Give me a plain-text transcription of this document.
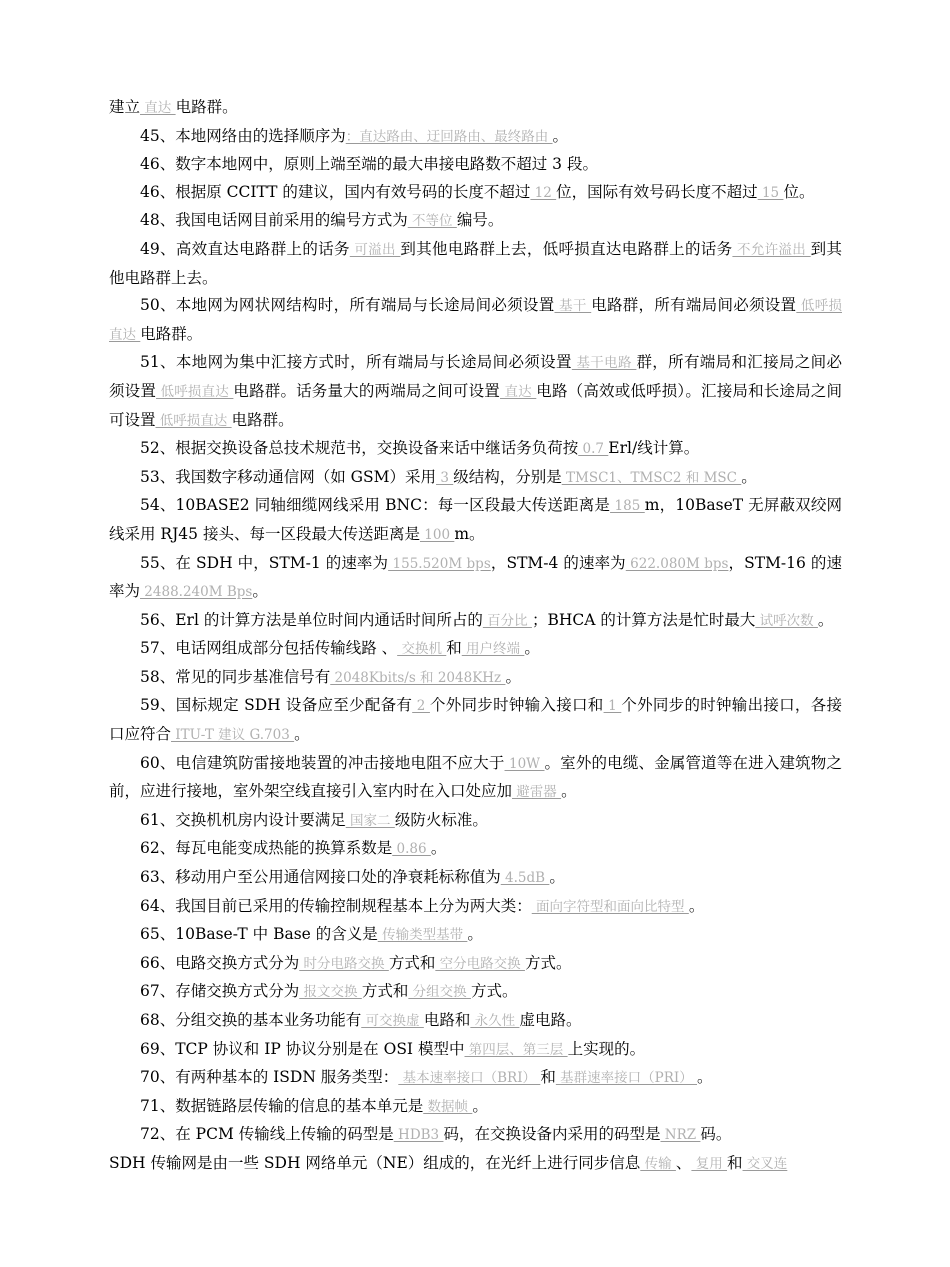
建立 直达 电路群。

45、本地网络由的选择顺序为：直达路由、迂回路由、最终路由 。

46、数字本地网中，原则上端至端的最大串接电路数不超过 3 段。

46、根据原 CCITT 的建议，国内有效号码的长度不超过 12 位，国际有效号码长度不超过 15 位。

48、我国电话网目前采用的编号方式为 不等位 编号。

49、高效直达电路群上的话务 可溢出 到其他电路群上去，低呼损直达电路群上的话务 不允许溢出 到其他电路群上去。

50、本地网为网状网结构时，所有端局与长途局间必须设置 基干 电路群，所有端局间必须设置 低呼损直达 电路群。

51、本地网为集中汇接方式时，所有端局与长途局间必须设置 基干电路 群，所有端局和汇接局之间必须设置 低呼损直达 电路群。话务量大的两端局之间可设置 直达 电路（高效或低呼损）。汇接局和长途局之间可设置 低呼损直达 电路群。

52、根据交换设备总技术规范书，交换设备来话中继话务负荷按 0.7 Erl/线计算。

53、我国数字移动通信网（如 GSM）采用 3 级结构，分别是 TMSC1、TMSC2 和 MSC 。

54、10BASE2 同轴细缆网线采用 BNC：每一区段最大传送距离是 185 m，10BaseT 无屏蔽双绞网线采用 RJ45 接头、每一区段最大传送距离是 100 m。

55、在 SDH 中，STM-1 的速率为 155.520M bps，STM-4 的速率为 622.080M bps，STM-16 的速率为 2488.240M Bps。

56、Erl 的计算方法是单位时间内通话时间所占的 百分比 ；BHCA 的计算方法是忙时最大 试呼次数 。

57、电话网组成部分包括传输线路 、 交换机 和 用户终端 。

58、常见的同步基准信号有 2048Kbits/s 和 2048KHz 。

59、国标规定 SDH 设备应至少配备有 2 个外同步时钟输入接口和 1 个外同步的时钟输出接口，各接口应符合 ITU-T 建议 G.703 。

60、电信建筑防雷接地装置的冲击接地电阻不应大于 10W 。室外的电缆、金属管道等在进入建筑物之前，应进行接地，室外架空线直接引入室内时在入口处应加 避雷器 。

61、交换机机房内设计要满足 国家二 级防火标准。

62、每瓦电能变成热能的换算系数是 0.86 。

63、移动用户至公用通信网接口处的净衰耗标称值为 4.5dB 。

64、我国目前已采用的传输控制规程基本上分为两大类： 面向字符型和面向比特型 。

65、10Base-T 中 Base 的含义是 传输类型基带 。

66、电路交换方式分为 时分电路交换 方式和 空分电路交换 方式。

67、存储交换方式分为 报文交换 方式和 分组交换 方式。

68、分组交换的基本业务功能有 可交换虚 电路和 永久性 虚电路。

69、TCP 协议和 IP 协议分别是在 OSI 模型中 第四层、第三层 上实现的。

70、有两种基本的 ISDN 服务类型： 基本速率接口（BRI） 和 基群速率接口（PRI） 。

71、数据链路层传输的信息的基本单元是 数据帧 。

72、在 PCM 传输线上传输的码型是 HDB3 码，在交换设备内采用的码型是 NRZ 码。

SDH 传输网是由一些 SDH 网络单元（NE）组成的，在光纤上进行同步信息 传输 、 复用 和 交叉连
